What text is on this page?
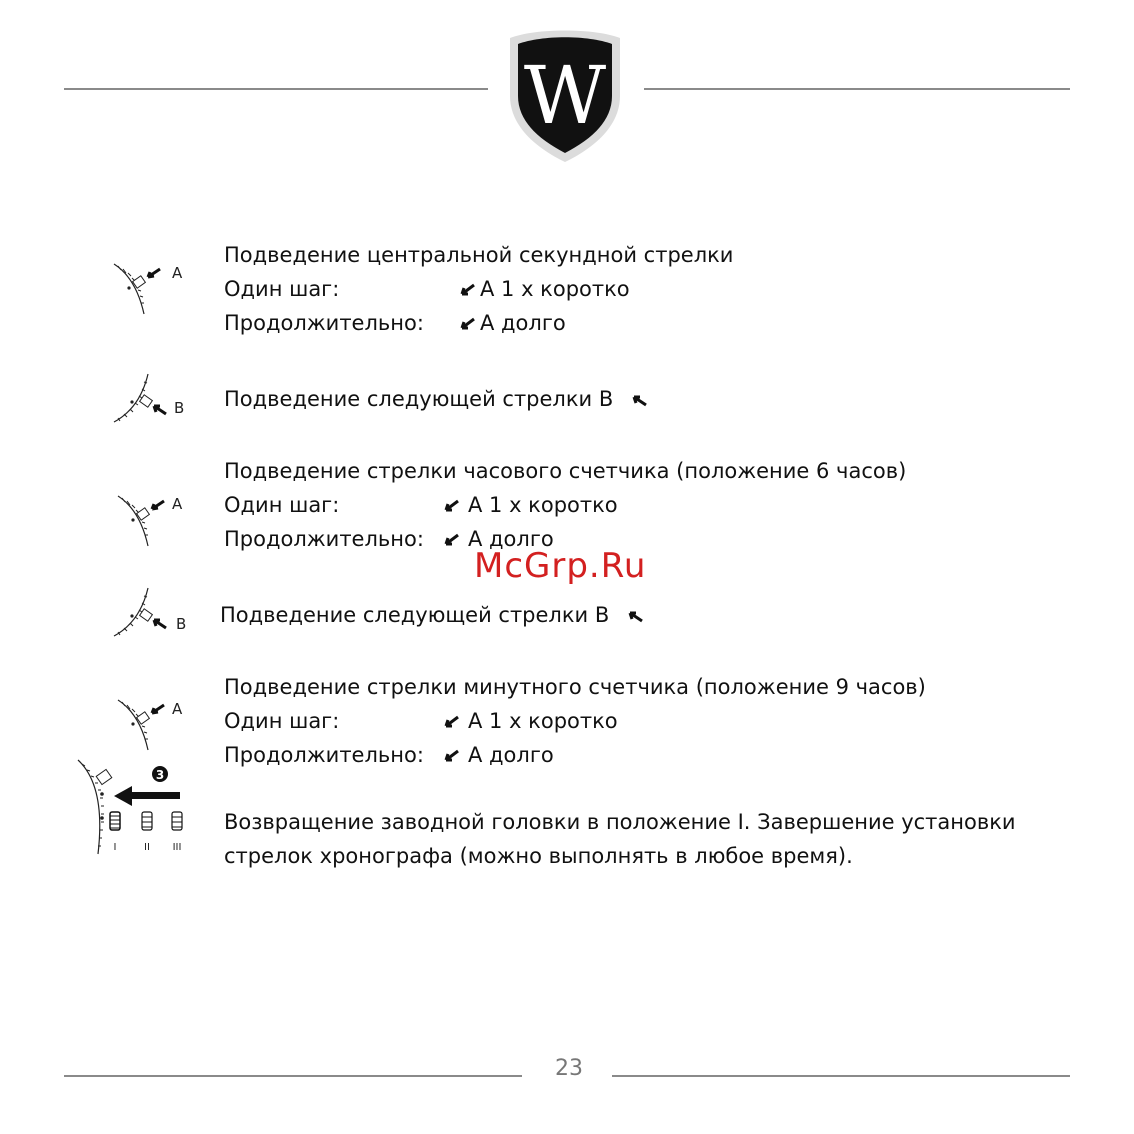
W
A
Подведение центральной секундной стрелки
Один шаг:	A 1 x коротко
Продолжительно:	A долго
B Подведение следующей стрелки B
A
Подведение стрелки часового счетчика (положение 6 часов)
Один шаг:	A 1 x коротко
Продолжительно:	A долго
McGrp.Ru
B Подведение следующей стрелки B
A
Подведение стрелки минутного счетчика (положение 9 часов)
Один шаг:	A 1 x коротко
Продолжительно:	A долго
3
I	II III
Возвращение заводной головки в положение I. Завершение установки
стрелок хронографа (можно выполнять в любое время).
23
